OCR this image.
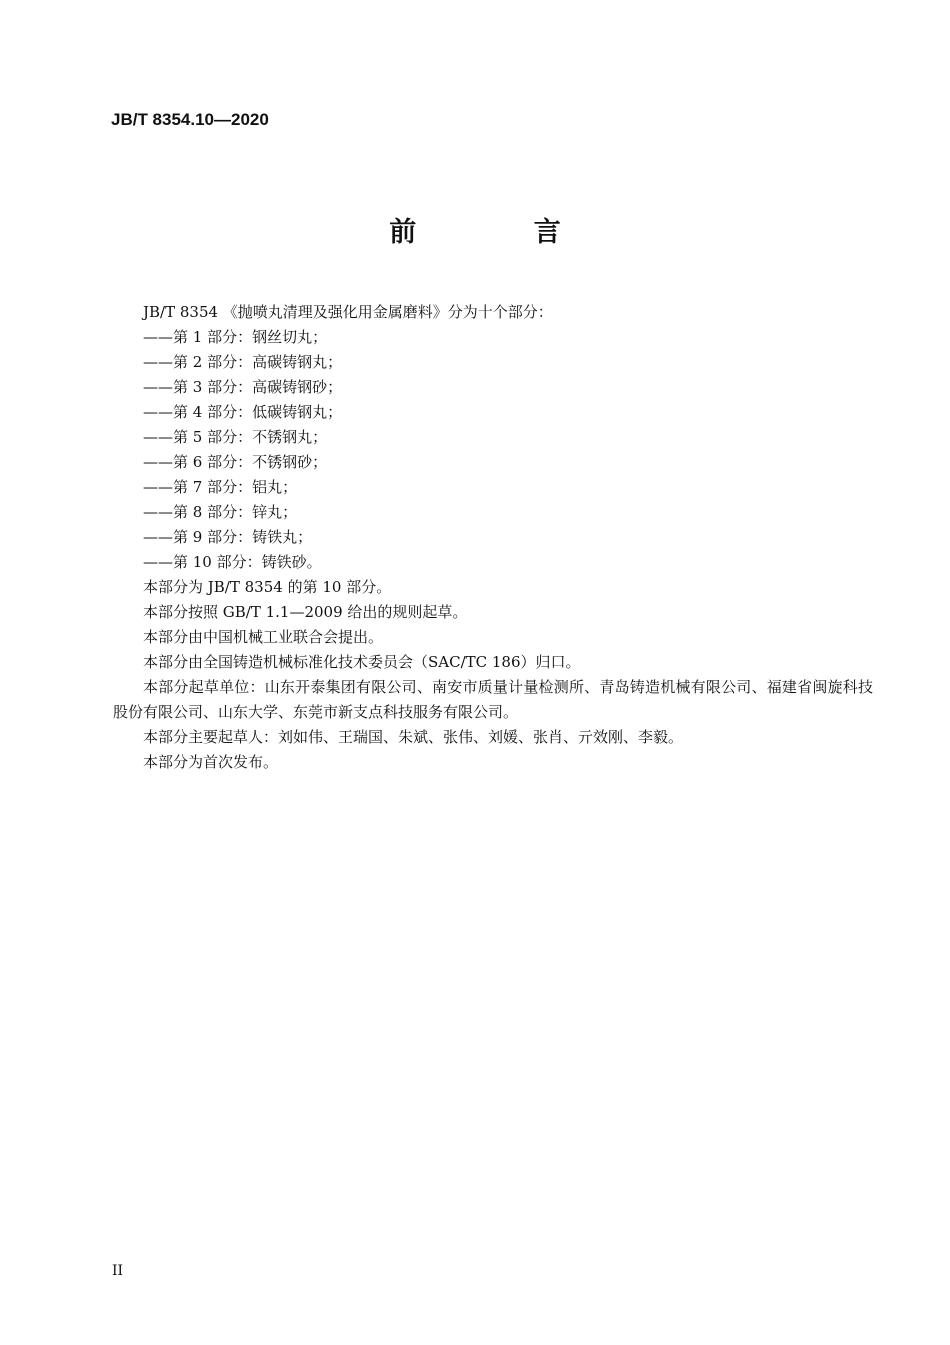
JB/T 8354.10—2020
前 言

JB/T 8354 《抛喷丸清理及强化用金属磨料》分为十个部分：

——第 1 部分：钢丝切丸；

——第 2 部分：高碳铸钢丸；

——第 3 部分：高碳铸钢砂；

——第 4 部分：低碳铸钢丸；

——第 5 部分：不锈钢丸；

——第 6 部分：不锈钢砂；

——第 7 部分：铝丸；

——第 8 部分：锌丸；

——第 9 部分：铸铁丸；

——第 10 部分：铸铁砂。

本部分为 JB/T 8354 的第 10 部分。

本部分按照 GB/T 1.1—2009 给出的规则起草。

本部分由中国机械工业联合会提出。

本部分由全国铸造机械标准化技术委员会（SAC/TC 186）归口。

本部分起草单位：山东开泰集团有限公司、南安市质量计量检测所、青岛铸造机械有限公司、福建省闽旋科技股份有限公司、山东大学、东莞市新支点科技服务有限公司。

本部分主要起草人：刘如伟、王瑞国、朱斌、张伟、刘媛、张肖、亓效刚、李毅。

本部分为首次发布。

II
